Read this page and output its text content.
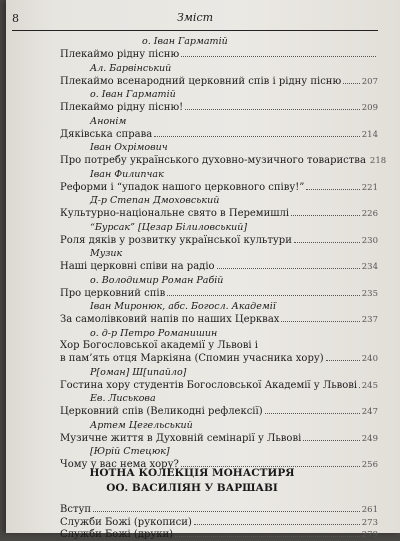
8	Зміст
о. Іван Гарматій
Плекаймо рідну пісню
Ал. Барвінський
Плекаймо всенародний церковний спів і рідну пісню 207
о. Іван Гарматій
Плекаймо рідну пісню!	209
Анонім
Дяківська справа	214
Іван Охрімович
Про потребу українського духовно-музичного товариства 218
Іван Филипчак
Реформи і “упадок нашого церковного співу!”	221
Д-р Степан Дмоховський
Культурно-національне свято в Перемишлі	226
“Бурсак” [Цезар Білиловський]
Роля дяків у розвитку української культури	230
Музик
Наші церковні співи на радіо	234
о. Володимир Роман Рабій
Про церковний спів	235
Іван Миронюк, абс. Богосл. Академії
За самолівковий напів по наших Церквах	237
о. д-р Петро Романишин
Хор Богословської академії у Львові і
в пам’ять отця Маркіяна (Спомин учасника хору)	240
Р[оман] Ш[ипайло]
Гостина хору студентів Богословської Академії у Львові 245
Ев. Лиськова
Церковний спів (Великодні рефлексії)	247
Артем Цегельський
Музичне життя в Духовній семінарії у Львові	249
[Юрій Стецюк]
Чому у вас нема хору?	256
НОТНА КОЛЕКЦІЯ МОНАСТИРЯ
ОО. ВАСИЛІЯН У ВАРШАВІ
Вступ	261
Служби Божі (рукописи)	273
Служби Божі (друки)	279
